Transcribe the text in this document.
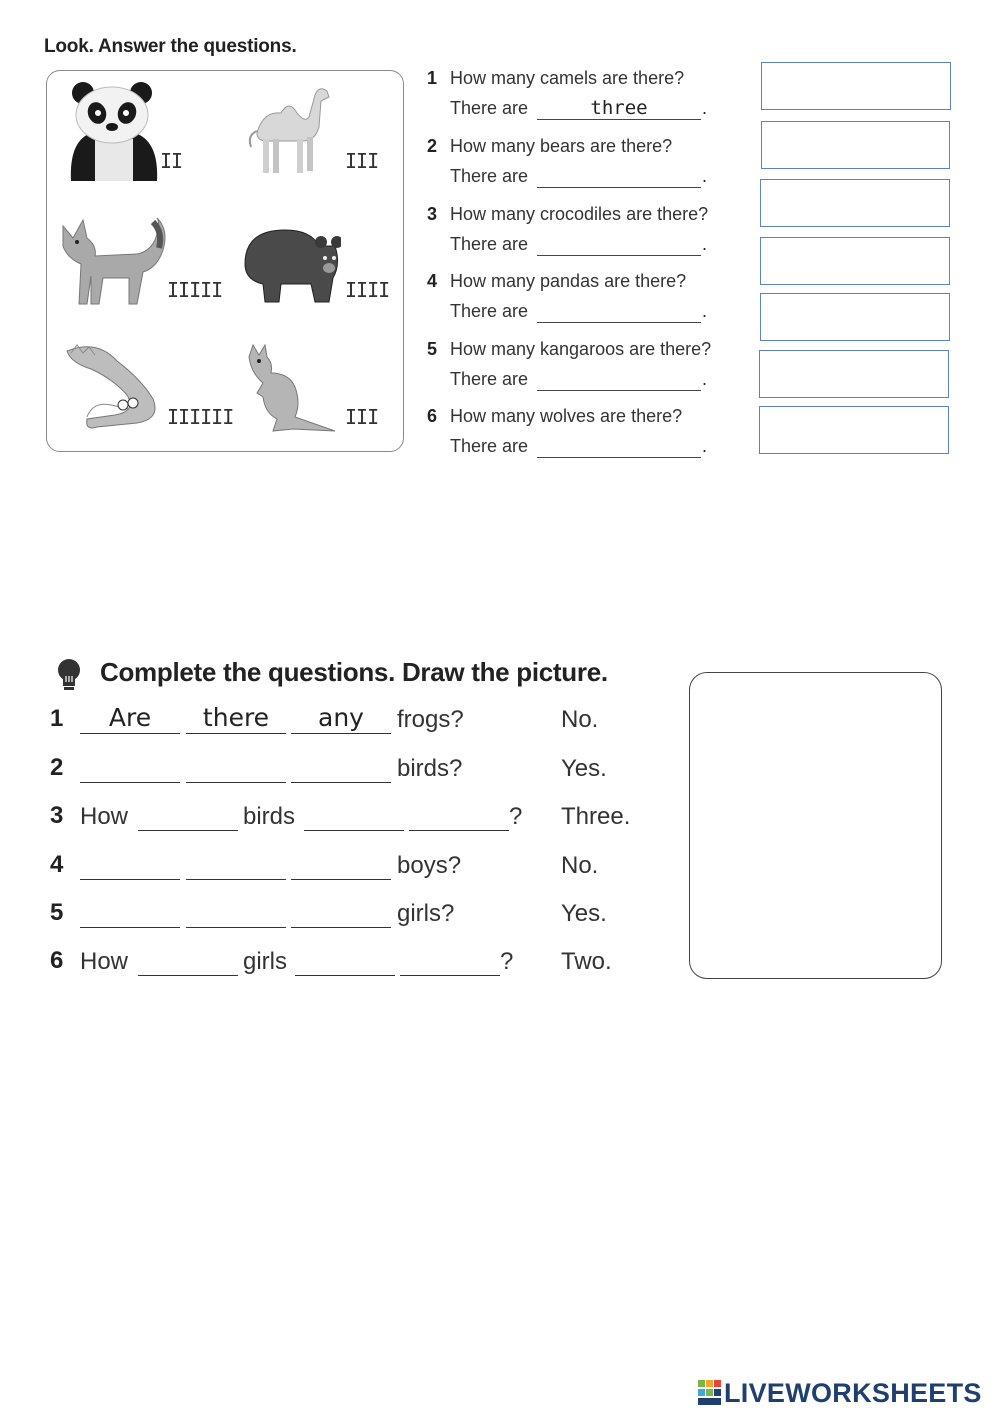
Look. Answer the questions.
II	III
IIIII	IIII
IIIIII	III
1 How many camels are there?
There are	three	.
2 How many bears are there?
There are	.
3 How many crocodiles are there?
There are	.
4 How many pandas are there?
There are	.
5 How many kangaroos are there?
There are	.
6 How many wolves are there?
There are	.
Complete the questions. Draw the picture.
1	Are	there	any	frogs?	No.
2	birds?	Yes.
3 How	birds	? Three.
4	boys?	No.
5	girls?	Yes.
6 How	girls	? Two.
LIVEWORKSHEETS
